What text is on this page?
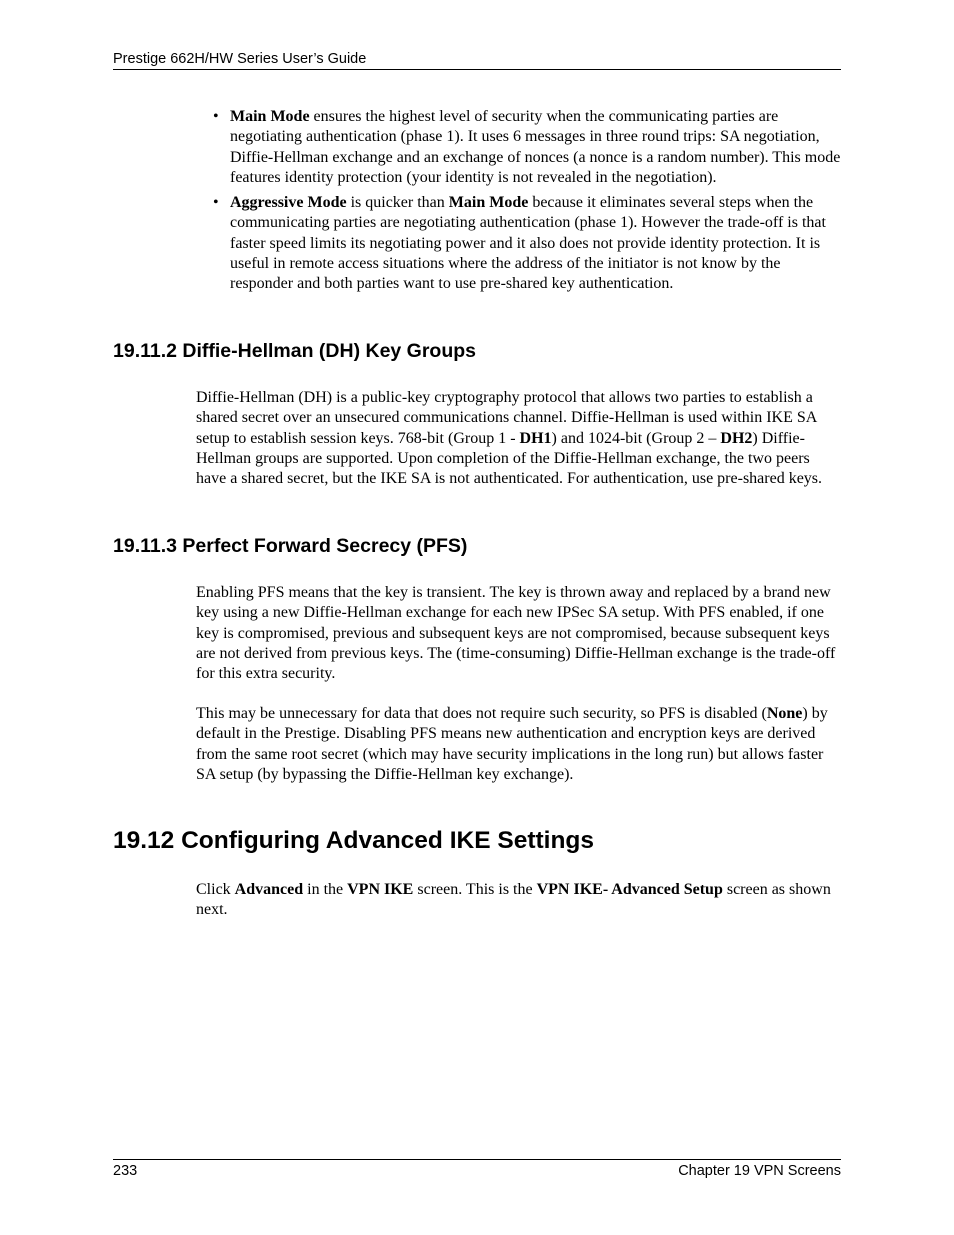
Prestige 662H/HW Series User’s Guide
• Main Mode ensures the highest level of security when the communicating parties are negotiating authentication (phase 1). It uses 6 messages in three round trips: SA negotiation, Diffie-Hellman exchange and an exchange of nonces (a nonce is a random number). This mode features identity protection (your identity is not revealed in the negotiation).
• Aggressive Mode is quicker than Main Mode because it eliminates several steps when the communicating parties are negotiating authentication (phase 1). However the trade-off is that faster speed limits its negotiating power and it also does not provide identity protection. It is useful in remote access situations where the address of the initiator is not know by the responder and both parties want to use pre-shared key authentication.
19.11.2 Diffie-Hellman (DH) Key Groups

Diffie-Hellman (DH) is a public-key cryptography protocol that allows two parties to establish a shared secret over an unsecured communications channel. Diffie-Hellman is used within IKE SA setup to establish session keys. 768-bit (Group 1 - DH1) and 1024-bit (Group 2 – DH2) Diffie-Hellman groups are supported. Upon completion of the Diffie-Hellman exchange, the two peers have a shared secret, but the IKE SA is not authenticated. For authentication, use pre-shared keys.

19.11.3 Perfect Forward Secrecy (PFS)

Enabling PFS means that the key is transient. The key is thrown away and replaced by a brand new key using a new Diffie-Hellman exchange for each new IPSec SA setup. With PFS enabled, if one key is compromised, previous and subsequent keys are not compromised, because subsequent keys are not derived from previous keys. The (time-consuming) Diffie-Hellman exchange is the trade-off for this extra security.

This may be unnecessary for data that does not require such security, so PFS is disabled (None) by default in the Prestige. Disabling PFS means new authentication and encryption keys are derived from the same root secret (which may have security implications in the long run) but allows faster SA setup (by bypassing the Diffie-Hellman key exchange).

19.12 Configuring Advanced IKE Settings

Click Advanced in the VPN IKE screen. This is the VPN IKE- Advanced Setup screen as shown next.

233	Chapter 19 VPN Screens
